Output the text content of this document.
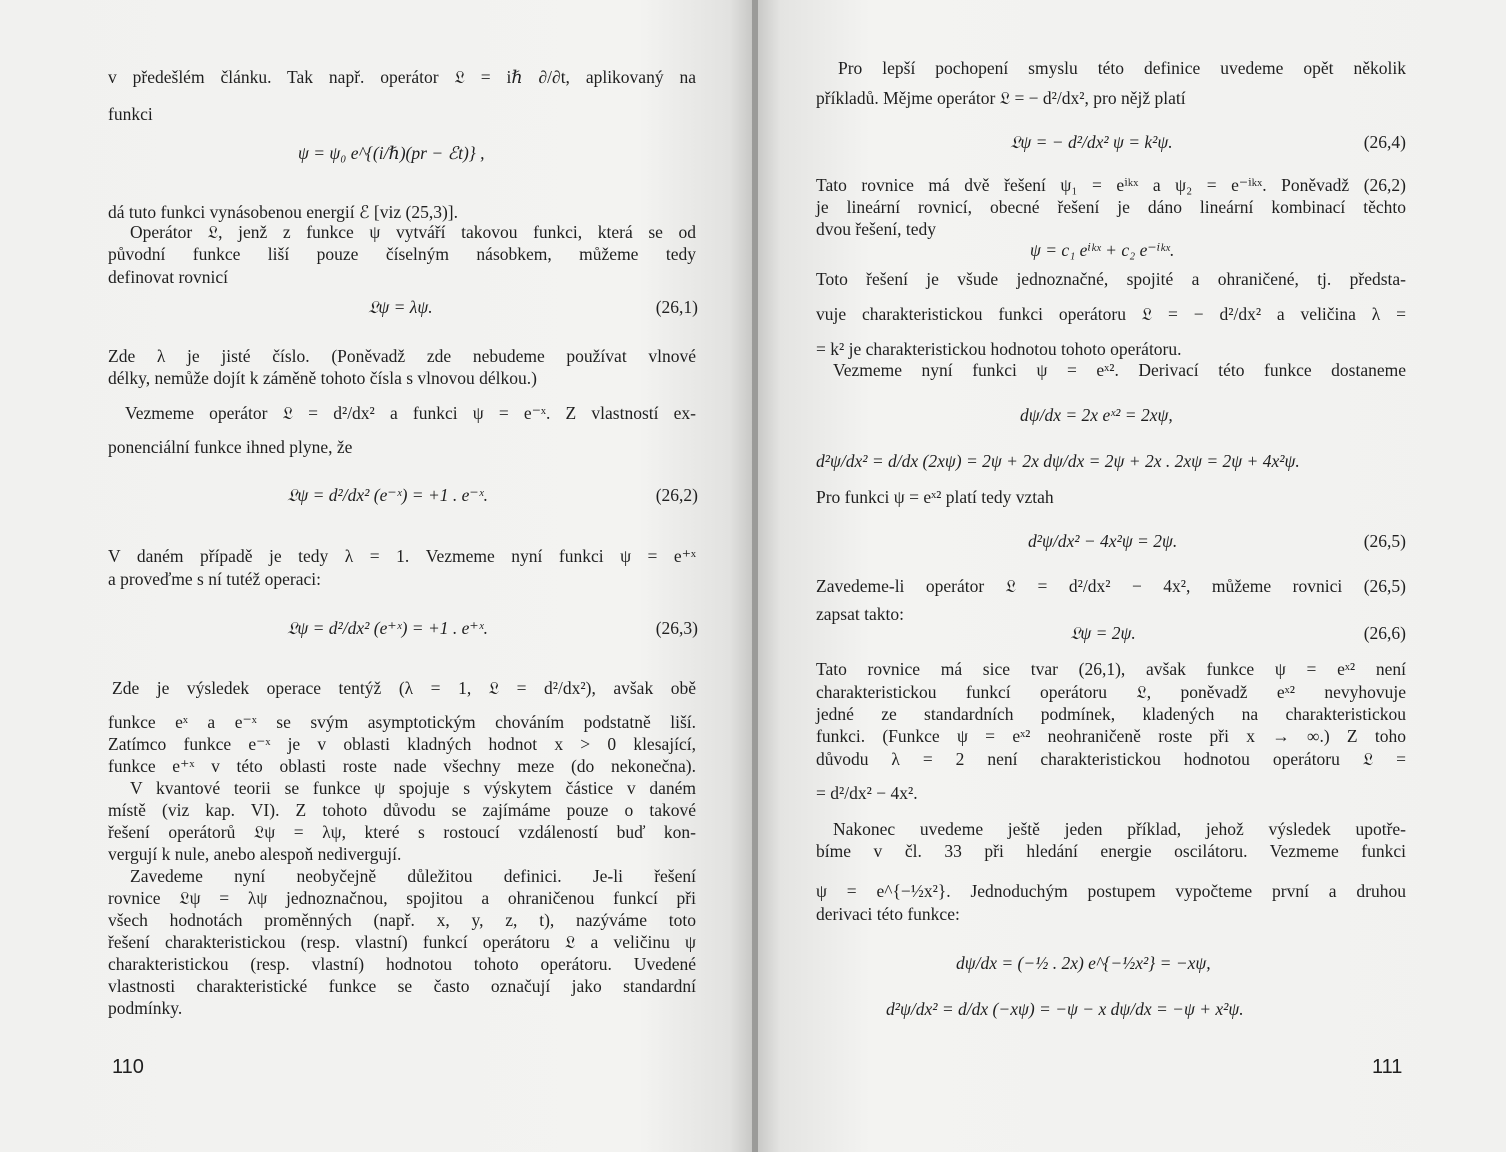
v předešlém článku. Tak např. operátor 𝔏 = iℏ ∂/∂t, aplikovaný na
funkci
ψ = ψ₀ e^{(i/ℏ)(pr − ℰt)} ,
dá tuto funkci vynásobenou energií ℰ [viz (25,3)].
Operátor 𝔏, jenž z funkce ψ vytváří takovou funkci, která se od
původní funkce liší pouze číselným násobkem, můžeme tedy
definovat rovnicí
𝔏ψ = λψ.	(26,1)
Zde λ je jisté číslo. (Poněvadž zde nebudeme používat vlnové
délky, nemůže dojít k záměně tohoto čísla s vlnovou délkou.)
Vezmeme operátor 𝔏 = d²/dx² a funkci ψ = e⁻ˣ. Z vlastností ex-
ponenciální funkce ihned plyne, že
𝔏ψ = d²/dx² (e⁻ˣ) = +1 . e⁻ˣ.	(26,2)
V daném případě je tedy λ = 1. Vezmeme nyní funkci ψ = e⁺ˣ
a proveďme s ní tutéž operaci:
𝔏ψ = d²/dx² (e⁺ˣ) = +1 . e⁺ˣ.	(26,3)
Zde je výsledek operace tentýž (λ = 1, 𝔏 = d²/dx²), avšak obě
funkce eˣ a e⁻ˣ se svým asymptotickým chováním podstatně liší.
Zatímco funkce e⁻ˣ je v oblasti kladných hodnot x > 0 klesající,
funkce e⁺ˣ v této oblasti roste nade všechny meze (do nekonečna).
V kvantové teorii se funkce ψ spojuje s výskytem částice v daném
místě (viz kap. VI). Z tohoto důvodu se zajímáme pouze o takové
řešení operátorů 𝔏ψ = λψ, které s rostoucí vzdáleností buď kon-
vergují k nule, anebo alespoň nedivergují.
Zavedeme nyní neobyčejně důležitou definici. Je-li řešení
rovnice 𝔏ψ = λψ jednoznačnou, spojitou a ohraničenou funkcí při
všech hodnotách proměnných (např. x, y, z, t), nazýváme toto
řešení charakteristickou (resp. vlastní) funkcí operátoru 𝔏 a veličinu ψ
charakteristickou (resp. vlastní) hodnotou tohoto operátoru. Uvedené
vlastnosti charakteristické funkce se často označují jako standardní
podmínky.
110
Pro lepší pochopení smyslu této definice uvedeme opět několik
příkladů. Mějme operátor 𝔏 = − d²/dx², pro nějž platí
𝔏ψ = − d²/dx² ψ = k²ψ.	(26,4)
Tato rovnice má dvě řešení ψ₁ = eⁱᵏˣ a ψ₂ = e⁻ⁱᵏˣ. Poněvadž (26,2)
je lineární rovnicí, obecné řešení je dáno lineární kombinací těchto
dvou řešení, tedy
ψ = c₁ eⁱᵏˣ + c₂ e⁻ⁱᵏˣ.
Toto řešení je všude jednoznačné, spojité a ohraničené, tj. předsta-
vuje charakteristickou funkci operátoru 𝔏 = − d²/dx² a veličina λ =
= k² je charakteristickou hodnotou tohoto operátoru.
Vezmeme nyní funkci ψ = eˣ². Derivací této funkce dostaneme
dψ/dx = 2x eˣ² = 2xψ,
d²ψ/dx² = d/dx (2xψ) = 2ψ + 2x dψ/dx = 2ψ + 2x . 2xψ = 2ψ + 4x²ψ.
Pro funkci ψ = eˣ² platí tedy vztah
d²ψ/dx² − 4x²ψ = 2ψ.	(26,5)
Zavedeme-li operátor 𝔏 = d²/dx² − 4x², můžeme rovnici (26,5)
zapsat takto:
𝔏ψ = 2ψ.	(26,6)
Tato rovnice má sice tvar (26,1), avšak funkce ψ = eˣ² není
charakteristickou funkcí operátoru 𝔏, poněvadž eˣ² nevyhovuje
jedné ze standardních podmínek, kladených na charakteristickou
funkci. (Funkce ψ = eˣ² neohraničeně roste při x → ∞.) Z toho
důvodu λ = 2 není charakteristickou hodnotou operátoru 𝔏 =
= d²/dx² − 4x².
Nakonec uvedeme ještě jeden příklad, jehož výsledek upotře-
bíme v čl. 33 při hledání energie oscilátoru. Vezmeme funkci
ψ = e^{−½x²}. Jednoduchým postupem vypočteme první a druhou
derivaci této funkce:
dψ/dx = (−½ . 2x) e^{−½x²} = −xψ,
d²ψ/dx² = d/dx (−xψ) = −ψ − x dψ/dx = −ψ + x²ψ.
111
